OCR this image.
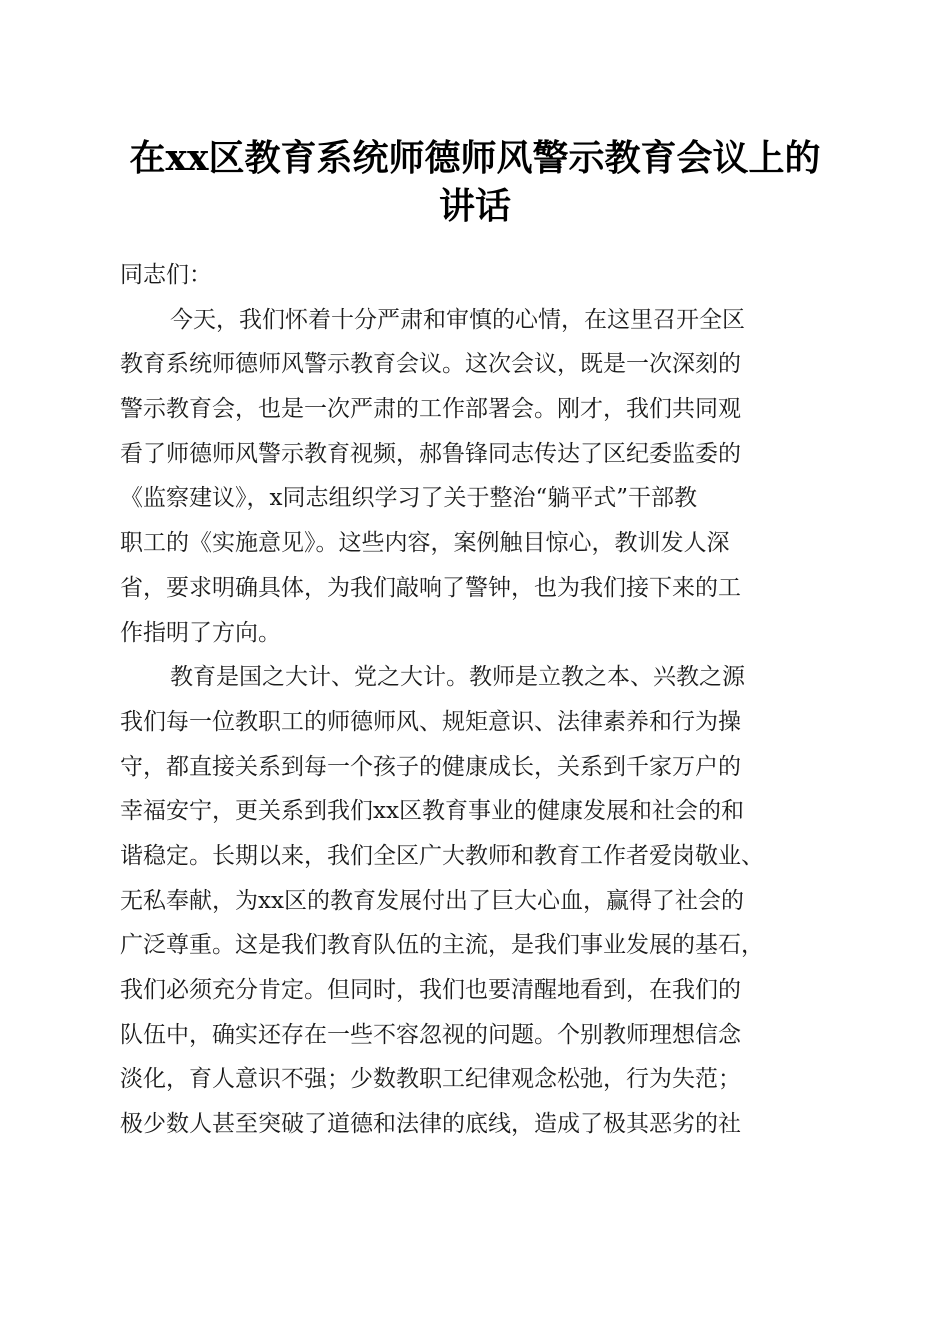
在xx区教育系统师德师风警示教育会议上的
讲话
同志们：
今天，我们怀着十分严肃和审慎的心情，在这里召开全区
教育系统师德师风警示教育会议。这次会议，既是一次深刻的
警示教育会，也是一次严肃的工作部署会。刚才，我们共同观
看了师德师风警示教育视频，郝鲁锋同志传达了区纪委监委的
《监察建议》，x同志组织学习了关于整治“躺平式”干部教
职工的《实施意见》。这些内容，案例触目惊心，教训发人深
省，要求明确具体，为我们敲响了警钟，也为我们接下来的工
作指明了方向。
教育是国之大计、党之大计。教师是立教之本、兴教之源
我们每一位教职工的师德师风、规矩意识、法律素养和行为操
守，都直接关系到每一个孩子的健康成长，关系到千家万户的
幸福安宁，更关系到我们xx区教育事业的健康发展和社会的和
谐稳定。长期以来，我们全区广大教师和教育工作者爱岗敬业、
无私奉献，为xx区的教育发展付出了巨大心血，赢得了社会的
广泛尊重。这是我们教育队伍的主流，是我们事业发展的基石，
我们必须充分肯定。但同时，我们也要清醒地看到，在我们的
队伍中，确实还存在一些不容忽视的问题。个别教师理想信念
淡化，育人意识不强；少数教职工纪律观念松弛，行为失范；
极少数人甚至突破了道德和法律的底线，造成了极其恶劣的社
